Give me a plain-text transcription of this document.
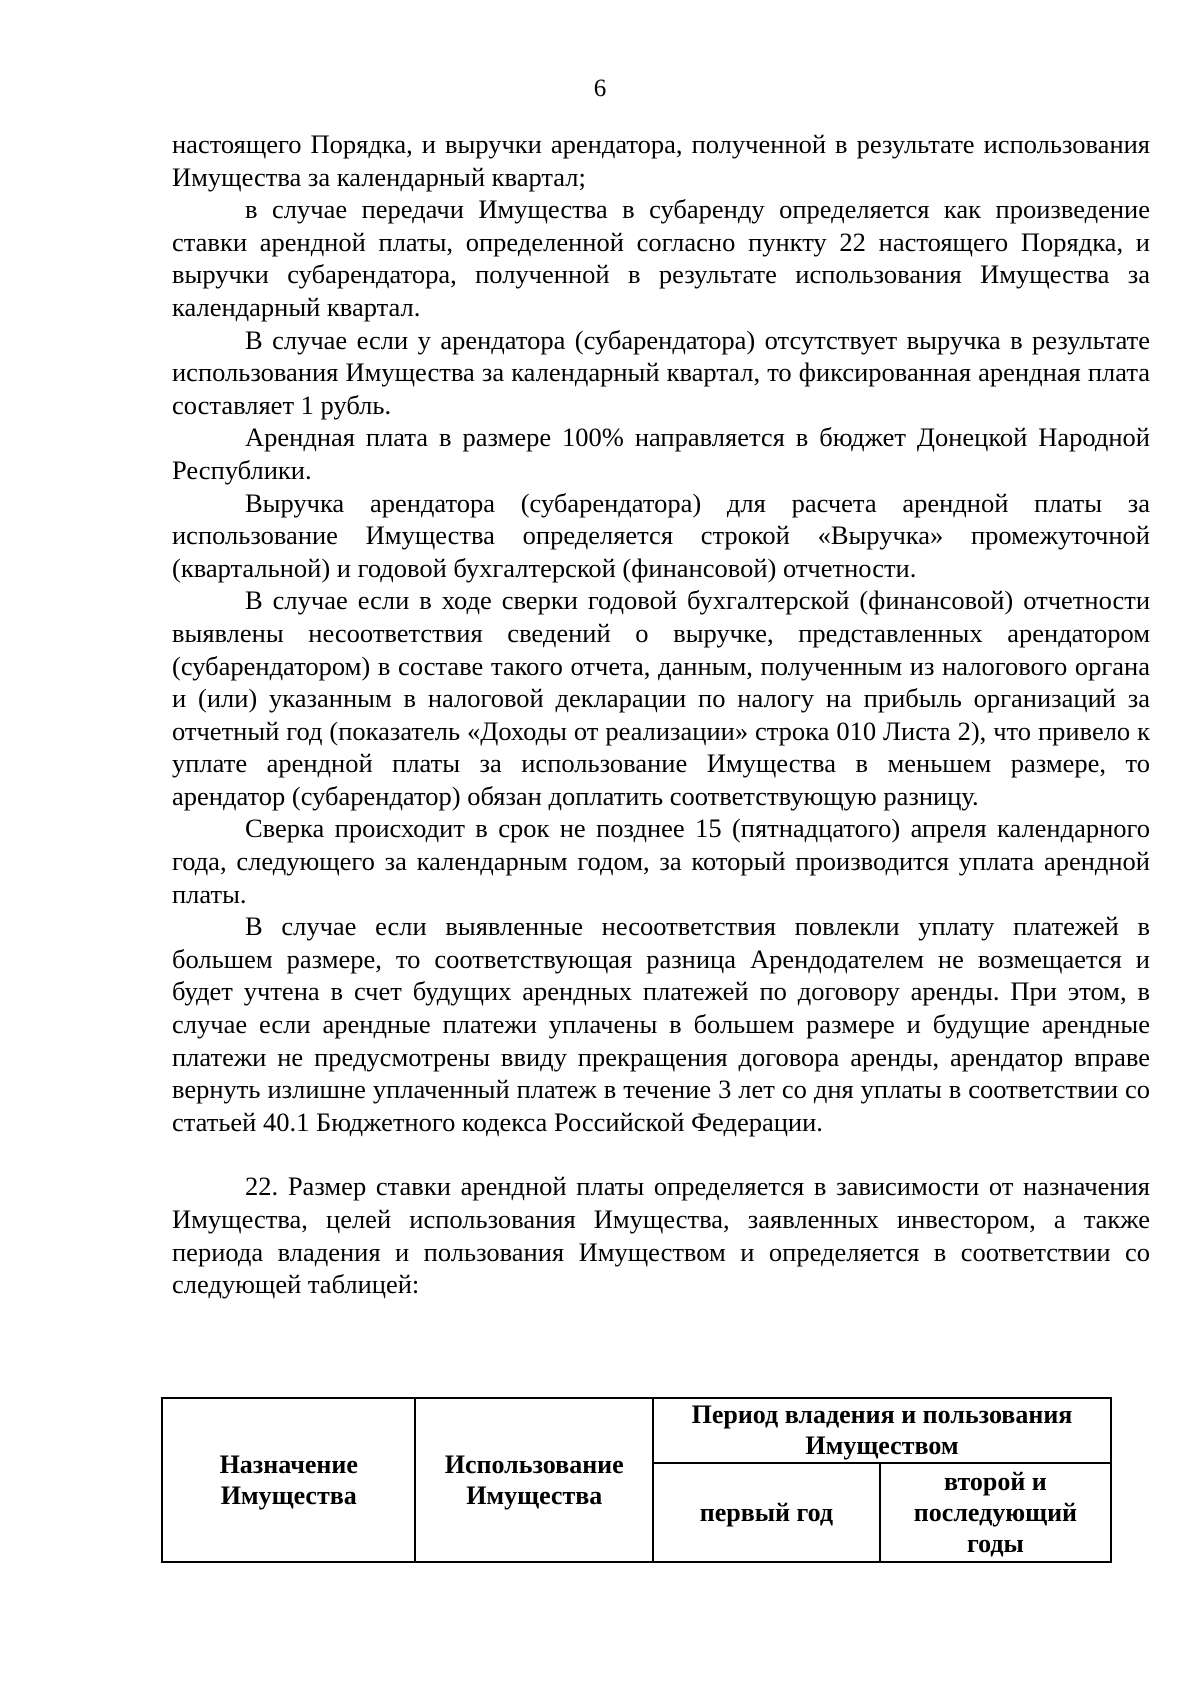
6

настоящего Порядка, и выручки арендатора, полученной в результате использования Имущества за календарный квартал;

в случае передачи Имущества в субаренду определяется как произведение ставки арендной платы, определенной согласно пункту 22 настоящего Порядка, и выручки субарендатора, полученной в результате использования Имущества за календарный квартал.

В случае если у арендатора (субарендатора) отсутствует выручка в результате использования Имущества за календарный квартал, то фиксированная арендная плата составляет 1 рубль.

Арендная плата в размере 100% направляется в бюджет Донецкой Народной Республики.

Выручка арендатора (субарендатора) для расчета арендной платы за использование Имущества определяется строкой «Выручка» промежуточной (квартальной) и годовой бухгалтерской (финансовой) отчетности.

В случае если в ходе сверки годовой бухгалтерской (финансовой) отчетности выявлены несоответствия сведений о выручке, представленных арендатором (субарендатором) в составе такого отчета, данным, полученным из налогового органа и (или) указанным в налоговой декларации по налогу на прибыль организаций за отчетный год (показатель «Доходы от реализации» строка 010 Листа 2), что привело к уплате арендной платы за использование Имущества в меньшем размере, то арендатор (субарендатор) обязан доплатить соответствующую разницу.

Сверка происходит в срок не позднее 15 (пятнадцатого) апреля календарного года, следующего за календарным годом, за который производится уплата арендной платы.

В случае если выявленные несоответствия повлекли уплату платежей в большем размере, то соответствующая разница Арендодателем не возмещается и будет учтена в счет будущих арендных платежей по договору аренды. При этом, в случае если арендные платежи уплачены в большем размере и будущие арендные платежи не предусмотрены ввиду прекращения договора аренды, арендатор вправе вернуть излишне уплаченный платеж в течение 3 лет со дня уплаты в соответствии со статьей 40.1 Бюджетного кодекса Российской Федерации.

22. Размер ставки арендной платы определяется в зависимости от назначения Имущества, целей использования Имущества, заявленных инвестором, а также периода владения и пользования Имуществом и определяется в соответствии со следующей таблицей:

Назначение Имущества	Использование Имущества	Период владения и пользования Имуществом	
		первый год	второй и последующий годы
